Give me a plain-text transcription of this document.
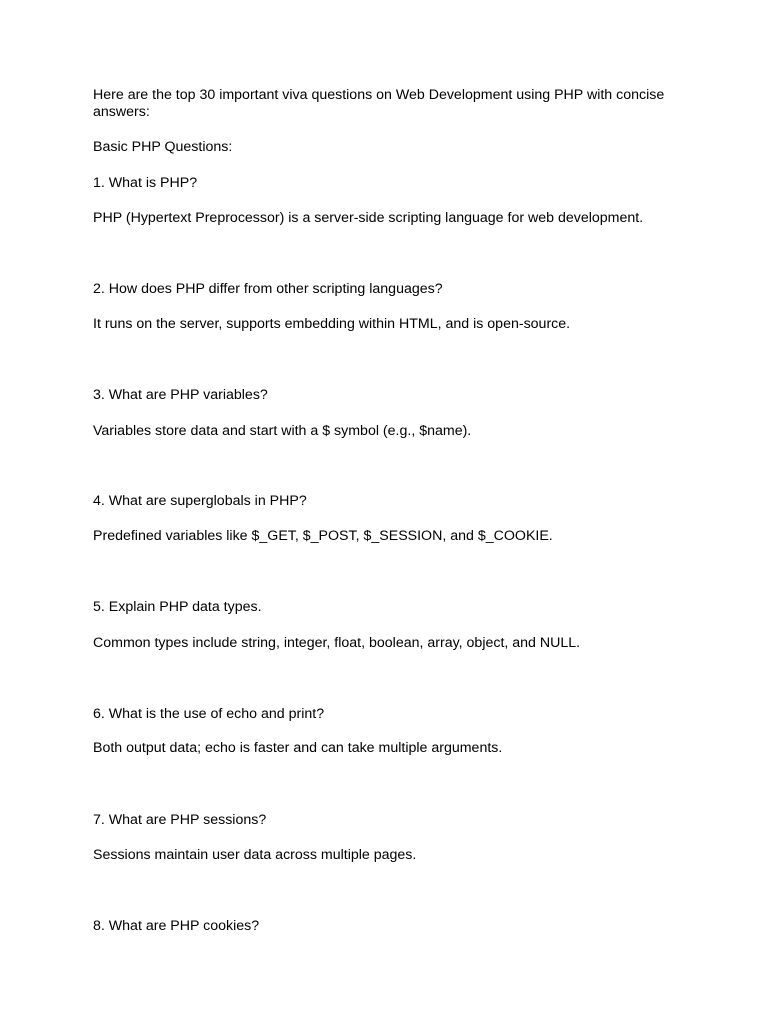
Here are the top 30 important viva questions on Web Development using PHP with concise answers:

Basic PHP Questions:

1. What is PHP?

PHP (Hypertext Preprocessor) is a server-side scripting language for web development.

2. How does PHP differ from other scripting languages?

It runs on the server, supports embedding within HTML, and is open-source.

3. What are PHP variables?

Variables store data and start with a $ symbol (e.g., $name).

4. What are superglobals in PHP?

Predefined variables like $_GET, $_POST, $_SESSION, and $_COOKIE.

5. Explain PHP data types.

Common types include string, integer, float, boolean, array, object, and NULL.

6. What is the use of echo and print?

Both output data; echo is faster and can take multiple arguments.

7. What are PHP sessions?

Sessions maintain user data across multiple pages.

8. What are PHP cookies?
